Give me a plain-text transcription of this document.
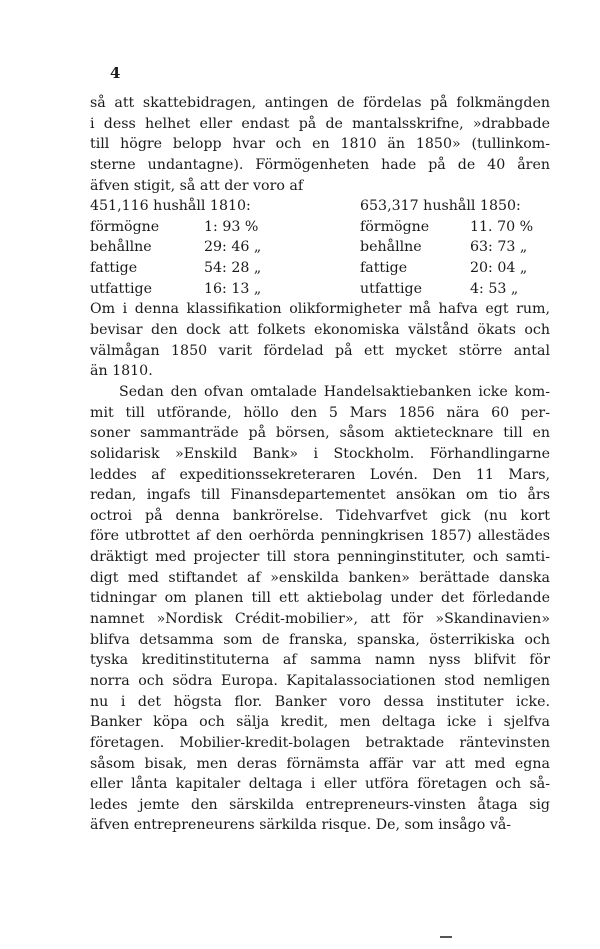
4
så att skattebidragen, antingen de fördelas på folkmängden
i dess helhet eller endast på de mantalsskrifne, »drabbade
till högre belopp hvar och en 1810 än 1850» (tullinkom-
sterne undantagne). Förmögenheten hade på de 40 åren
äfven stigit, så att der voro af
451,116 hushåll 1810:	653,317 hushåll 1850:
förmögne	1: 93 %	förmögne	11. 70 %
behållne	29: 46 „	behållne	63: 73 „
fattige	54: 28 „	fattige	20: 04 „
utfattige	16: 13 „	utfattige	4: 53 „
Om i denna klassifikation olikformigheter må hafva egt rum,
bevisar den dock att folkets ekonomiska välstånd ökats och
välmågan 1850 varit fördelad på ett mycket större antal
än 1810.
Sedan den ofvan omtalade Handelsaktiebanken icke kom-
mit till utförande, höllo den 5 Mars 1856 nära 60 per-
soner sammanträde på börsen, såsom aktietecknare till en
solidarisk »Enskild Bank» i Stockholm. Förhandlingarne
leddes af expeditionssekreteraren Lovén. Den 11 Mars,
redan, ingafs till Finansdepartementet ansökan om tio års
octroi på denna bankrörelse. Tidehvarfvet gick (nu kort
före utbrottet af den oerhörda penningkrisen 1857) allestädes
dräktigt med projecter till stora penninginstituter, och samti-
digt med stiftandet af »enskilda banken» berättade danska
tidningar om planen till ett aktiebolag under det förledande
namnet »Nordisk Crédit-mobilier», att för »Skandinavien»
blifva detsamma som de franska, spanska, österrikiska och
tyska kreditinstituterna af samma namn nyss blifvit för
norra och södra Europa. Kapitalassociationen stod nemligen
nu i det högsta flor. Banker voro dessa instituter icke.
Banker köpa och sälja kredit, men deltaga icke i sjelfva
företagen. Mobilier-kredit-bolagen betraktade räntevinsten
såsom bisak, men deras förnämsta affär var att med egna
eller lånta kapitaler deltaga i eller utföra företagen och så-
ledes jemte den särskilda entrepreneurs-vinsten åtaga sig
äfven entrepreneurens särkilda risque. De, som insågo vå-
